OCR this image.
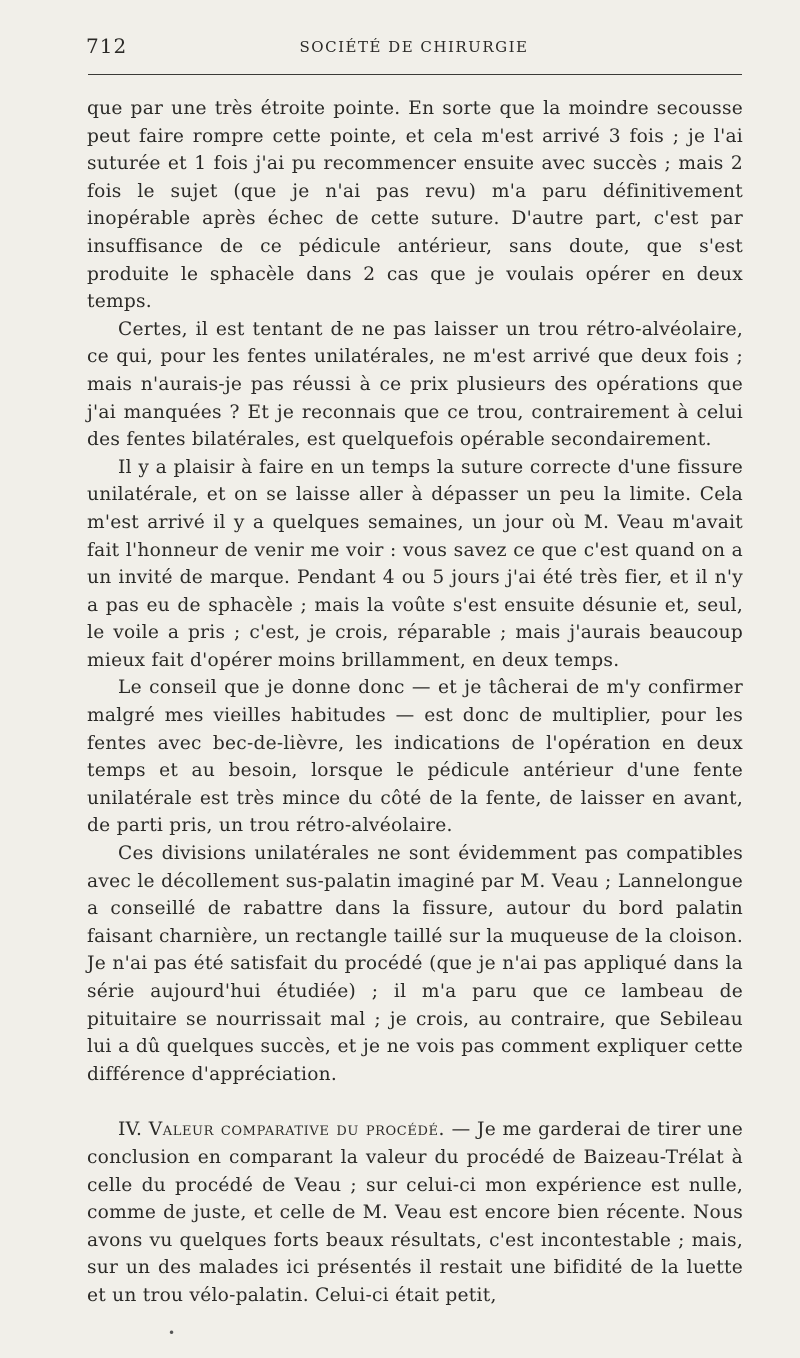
712	SOCIÉTÉ DE CHIRURGIE

que par une très étroite pointe. En sorte que la moindre secousse peut faire rompre cette pointe, et cela m'est arrivé 3 fois ; je l'ai suturée et 1 fois j'ai pu recommencer ensuite avec succès ; mais 2 fois le sujet (que je n'ai pas revu) m'a paru définitivement inopérable après échec de cette suture. D'autre part, c'est par insuffisance de ce pédicule antérieur, sans doute, que s'est produite le sphacèle dans 2 cas que je voulais opérer en deux temps.

Certes, il est tentant de ne pas laisser un trou rétro-alvéolaire, ce qui, pour les fentes unilatérales, ne m'est arrivé que deux fois ; mais n'aurais-je pas réussi à ce prix plusieurs des opérations que j'ai manquées ? Et je reconnais que ce trou, contrairement à celui des fentes bilatérales, est quelquefois opérable secondairement.

Il y a plaisir à faire en un temps la suture correcte d'une fissure unilatérale, et on se laisse aller à dépasser un peu la limite. Cela m'est arrivé il y a quelques semaines, un jour où M. Veau m'avait fait l'honneur de venir me voir : vous savez ce que c'est quand on a un invité de marque. Pendant 4 ou 5 jours j'ai été très fier, et il n'y a pas eu de sphacèle ; mais la voûte s'est ensuite désunie et, seul, le voile a pris ; c'est, je crois, réparable ; mais j'aurais beaucoup mieux fait d'opérer moins brillamment, en deux temps.

Le conseil que je donne donc — et je tâcherai de m'y confirmer malgré mes vieilles habitudes — est donc de multiplier, pour les fentes avec bec-de-lièvre, les indications de l'opération en deux temps et au besoin, lorsque le pédicule antérieur d'une fente unilatérale est très mince du côté de la fente, de laisser en avant, de parti pris, un trou rétro-alvéolaire.

Ces divisions unilatérales ne sont évidemment pas compatibles avec le décollement sus-palatin imaginé par M. Veau ; Lannelongue a conseillé de rabattre dans la fissure, autour du bord palatin faisant charnière, un rectangle taillé sur la muqueuse de la cloison. Je n'ai pas été satisfait du procédé (que je n'ai pas appliqué dans la série aujourd'hui étudiée) ; il m'a paru que ce lambeau de pituitaire se nourrissait mal ; je crois, au contraire, que Sebileau lui a dû quelques succès, et je ne vois pas comment expliquer cette différence d'appréciation.

IV. Valeur comparative du procédé. — Je me garderai de tirer une conclusion en comparant la valeur du procédé de Baizeau-Trélat à celle du procédé de Veau ; sur celui-ci mon expérience est nulle, comme de juste, et celle de M. Veau est encore bien récente. Nous avons vu quelques forts beaux résultats, c'est incontestable ; mais, sur un des malades ici présentés il restait une bifidité de la luette et un trou vélo-palatin. Celui-ci était petit,

•
